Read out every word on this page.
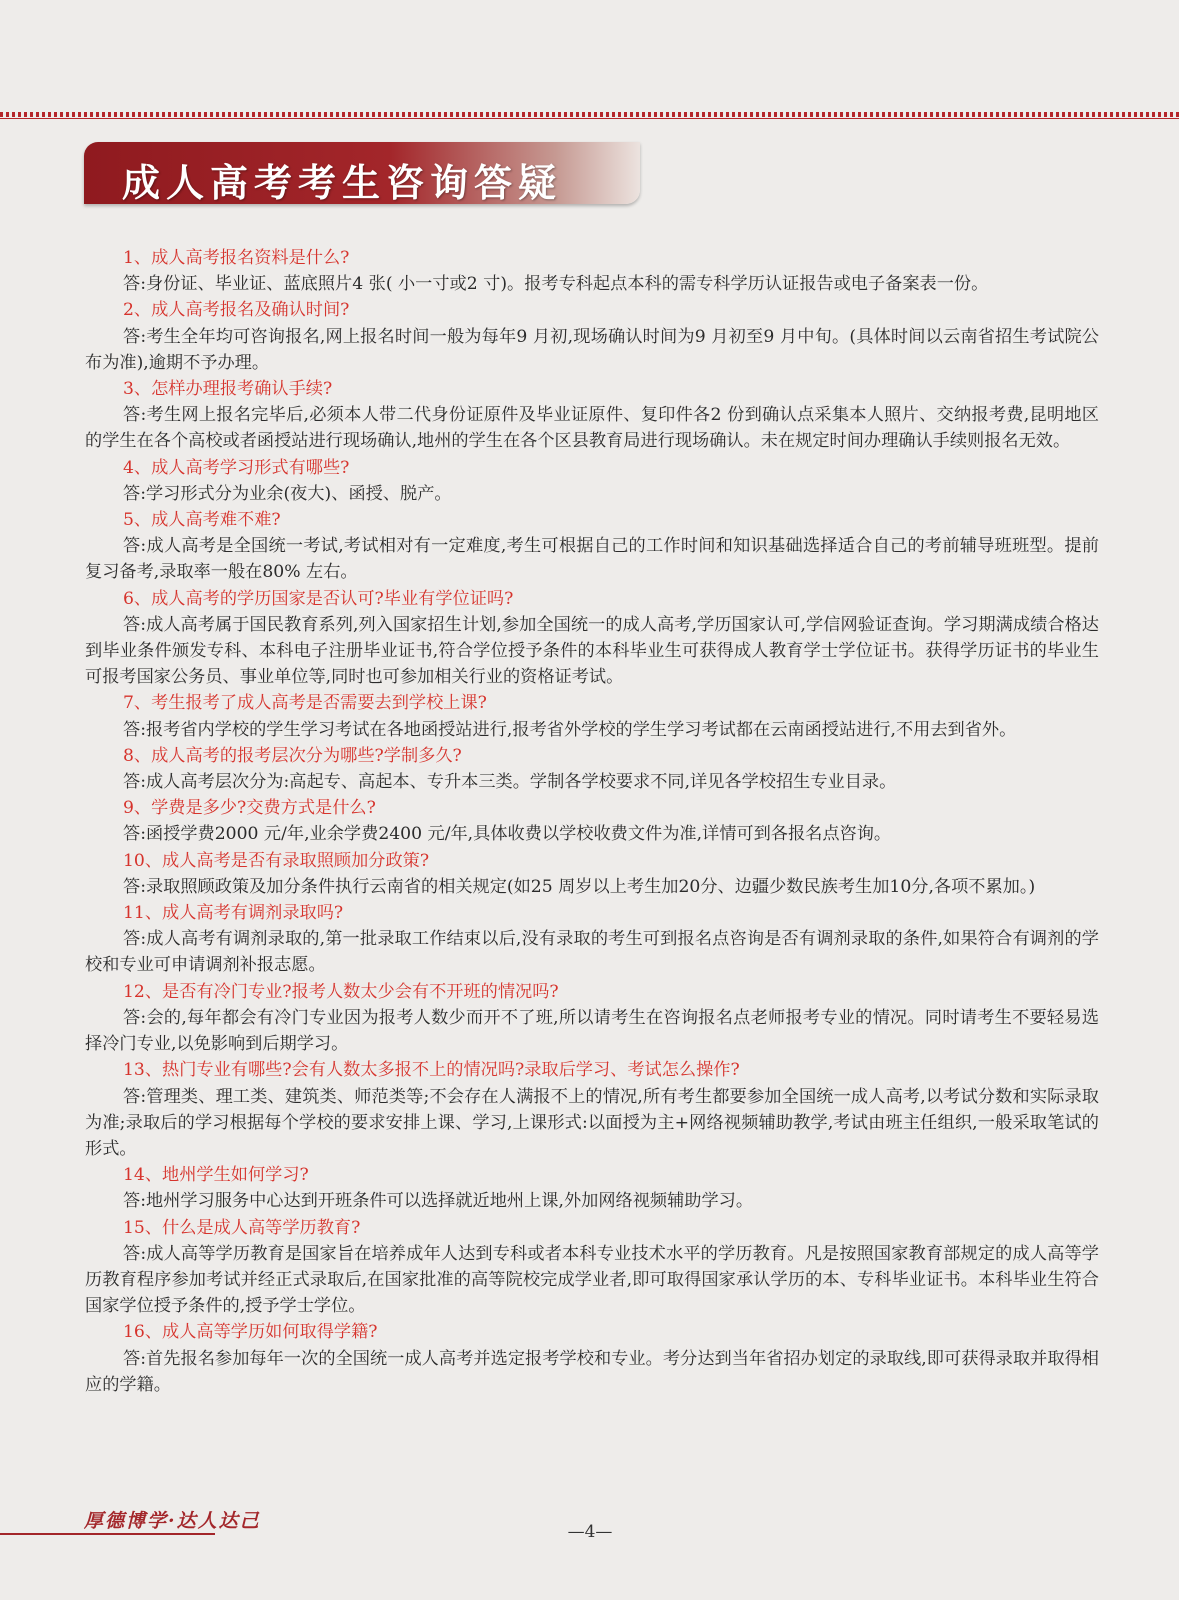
成人高考考生咨询答疑
1、成人高考报名资料是什么?
答:身份证、毕业证、蓝底照片4 张( 小一寸或2 寸)。报考专科起点本科的需专科学历认证报告或电子备案表一份。
2、成人高考报名及确认时间?
答:考生全年均可咨询报名,网上报名时间一般为每年9 月初,现场确认时间为9 月初至9 月中旬。(具体时间以云南省招生考试院公布为准),逾期不予办理。
3、怎样办理报考确认手续?
答:考生网上报名完毕后,必须本人带二代身份证原件及毕业证原件、复印件各2 份到确认点采集本人照片、交纳报考费,昆明地区的学生在各个高校或者函授站进行现场确认,地州的学生在各个区县教育局进行现场确认。未在规定时间办理确认手续则报名无效。
4、成人高考学习形式有哪些?
答:学习形式分为业余(夜大)、函授、脱产。
5、成人高考难不难?
答:成人高考是全国统一考试,考试相对有一定难度,考生可根据自己的工作时间和知识基础选择适合自己的考前辅导班班型。提前复习备考,录取率一般在80% 左右。
6、成人高考的学历国家是否认可?毕业有学位证吗?
答:成人高考属于国民教育系列,列入国家招生计划,参加全国统一的成人高考,学历国家认可,学信网验证查询。学习期满成绩合格达到毕业条件颁发专科、本科电子注册毕业证书,符合学位授予条件的本科毕业生可获得成人教育学士学位证书。获得学历证书的毕业生可报考国家公务员、事业单位等,同时也可参加相关行业的资格证考试。
7、考生报考了成人高考是否需要去到学校上课?
答:报考省内学校的学生学习考试在各地函授站进行,报考省外学校的学生学习考试都在云南函授站进行,不用去到省外。
8、成人高考的报考层次分为哪些?学制多久?
答:成人高考层次分为:高起专、高起本、专升本三类。学制各学校要求不同,详见各学校招生专业目录。
9、学费是多少?交费方式是什么?
答:函授学费2000 元/年,业余学费2400 元/年,具体收费以学校收费文件为准,详情可到各报名点咨询。
10、成人高考是否有录取照顾加分政策?
答:录取照顾政策及加分条件执行云南省的相关规定(如25 周岁以上考生加20分、边疆少数民族考生加10分,各项不累加。)
11、成人高考有调剂录取吗?
答:成人高考有调剂录取的,第一批录取工作结束以后,没有录取的考生可到报名点咨询是否有调剂录取的条件,如果符合有调剂的学校和专业可申请调剂补报志愿。
12、是否有冷门专业?报考人数太少会有不开班的情况吗?
答:会的,每年都会有冷门专业因为报考人数少而开不了班,所以请考生在咨询报名点老师报考专业的情况。同时请考生不要轻易选择冷门专业,以免影响到后期学习。
13、热门专业有哪些?会有人数太多报不上的情况吗?录取后学习、考试怎么操作?
答:管理类、理工类、建筑类、师范类等;不会存在人满报不上的情况,所有考生都要参加全国统一成人高考,以考试分数和实际录取为准;录取后的学习根据每个学校的要求安排上课、学习,上课形式:以面授为主+网络视频辅助教学,考试由班主任组织,一般采取笔试的形式。
14、地州学生如何学习?
答:地州学习服务中心达到开班条件可以选择就近地州上课,外加网络视频辅助学习。
15、什么是成人高等学历教育?
答:成人高等学历教育是国家旨在培养成年人达到专科或者本科专业技术水平的学历教育。凡是按照国家教育部规定的成人高等学历教育程序参加考试并经正式录取后,在国家批准的高等院校完成学业者,即可取得国家承认学历的本、专科毕业证书。本科毕业生符合国家学位授予条件的,授予学士学位。
16、成人高等学历如何取得学籍?
答:首先报名参加每年一次的全国统一成人高考并选定报考学校和专业。考分达到当年省招办划定的录取线,即可获得录取并取得相应的学籍。
厚德博学·达人达己	—4—
